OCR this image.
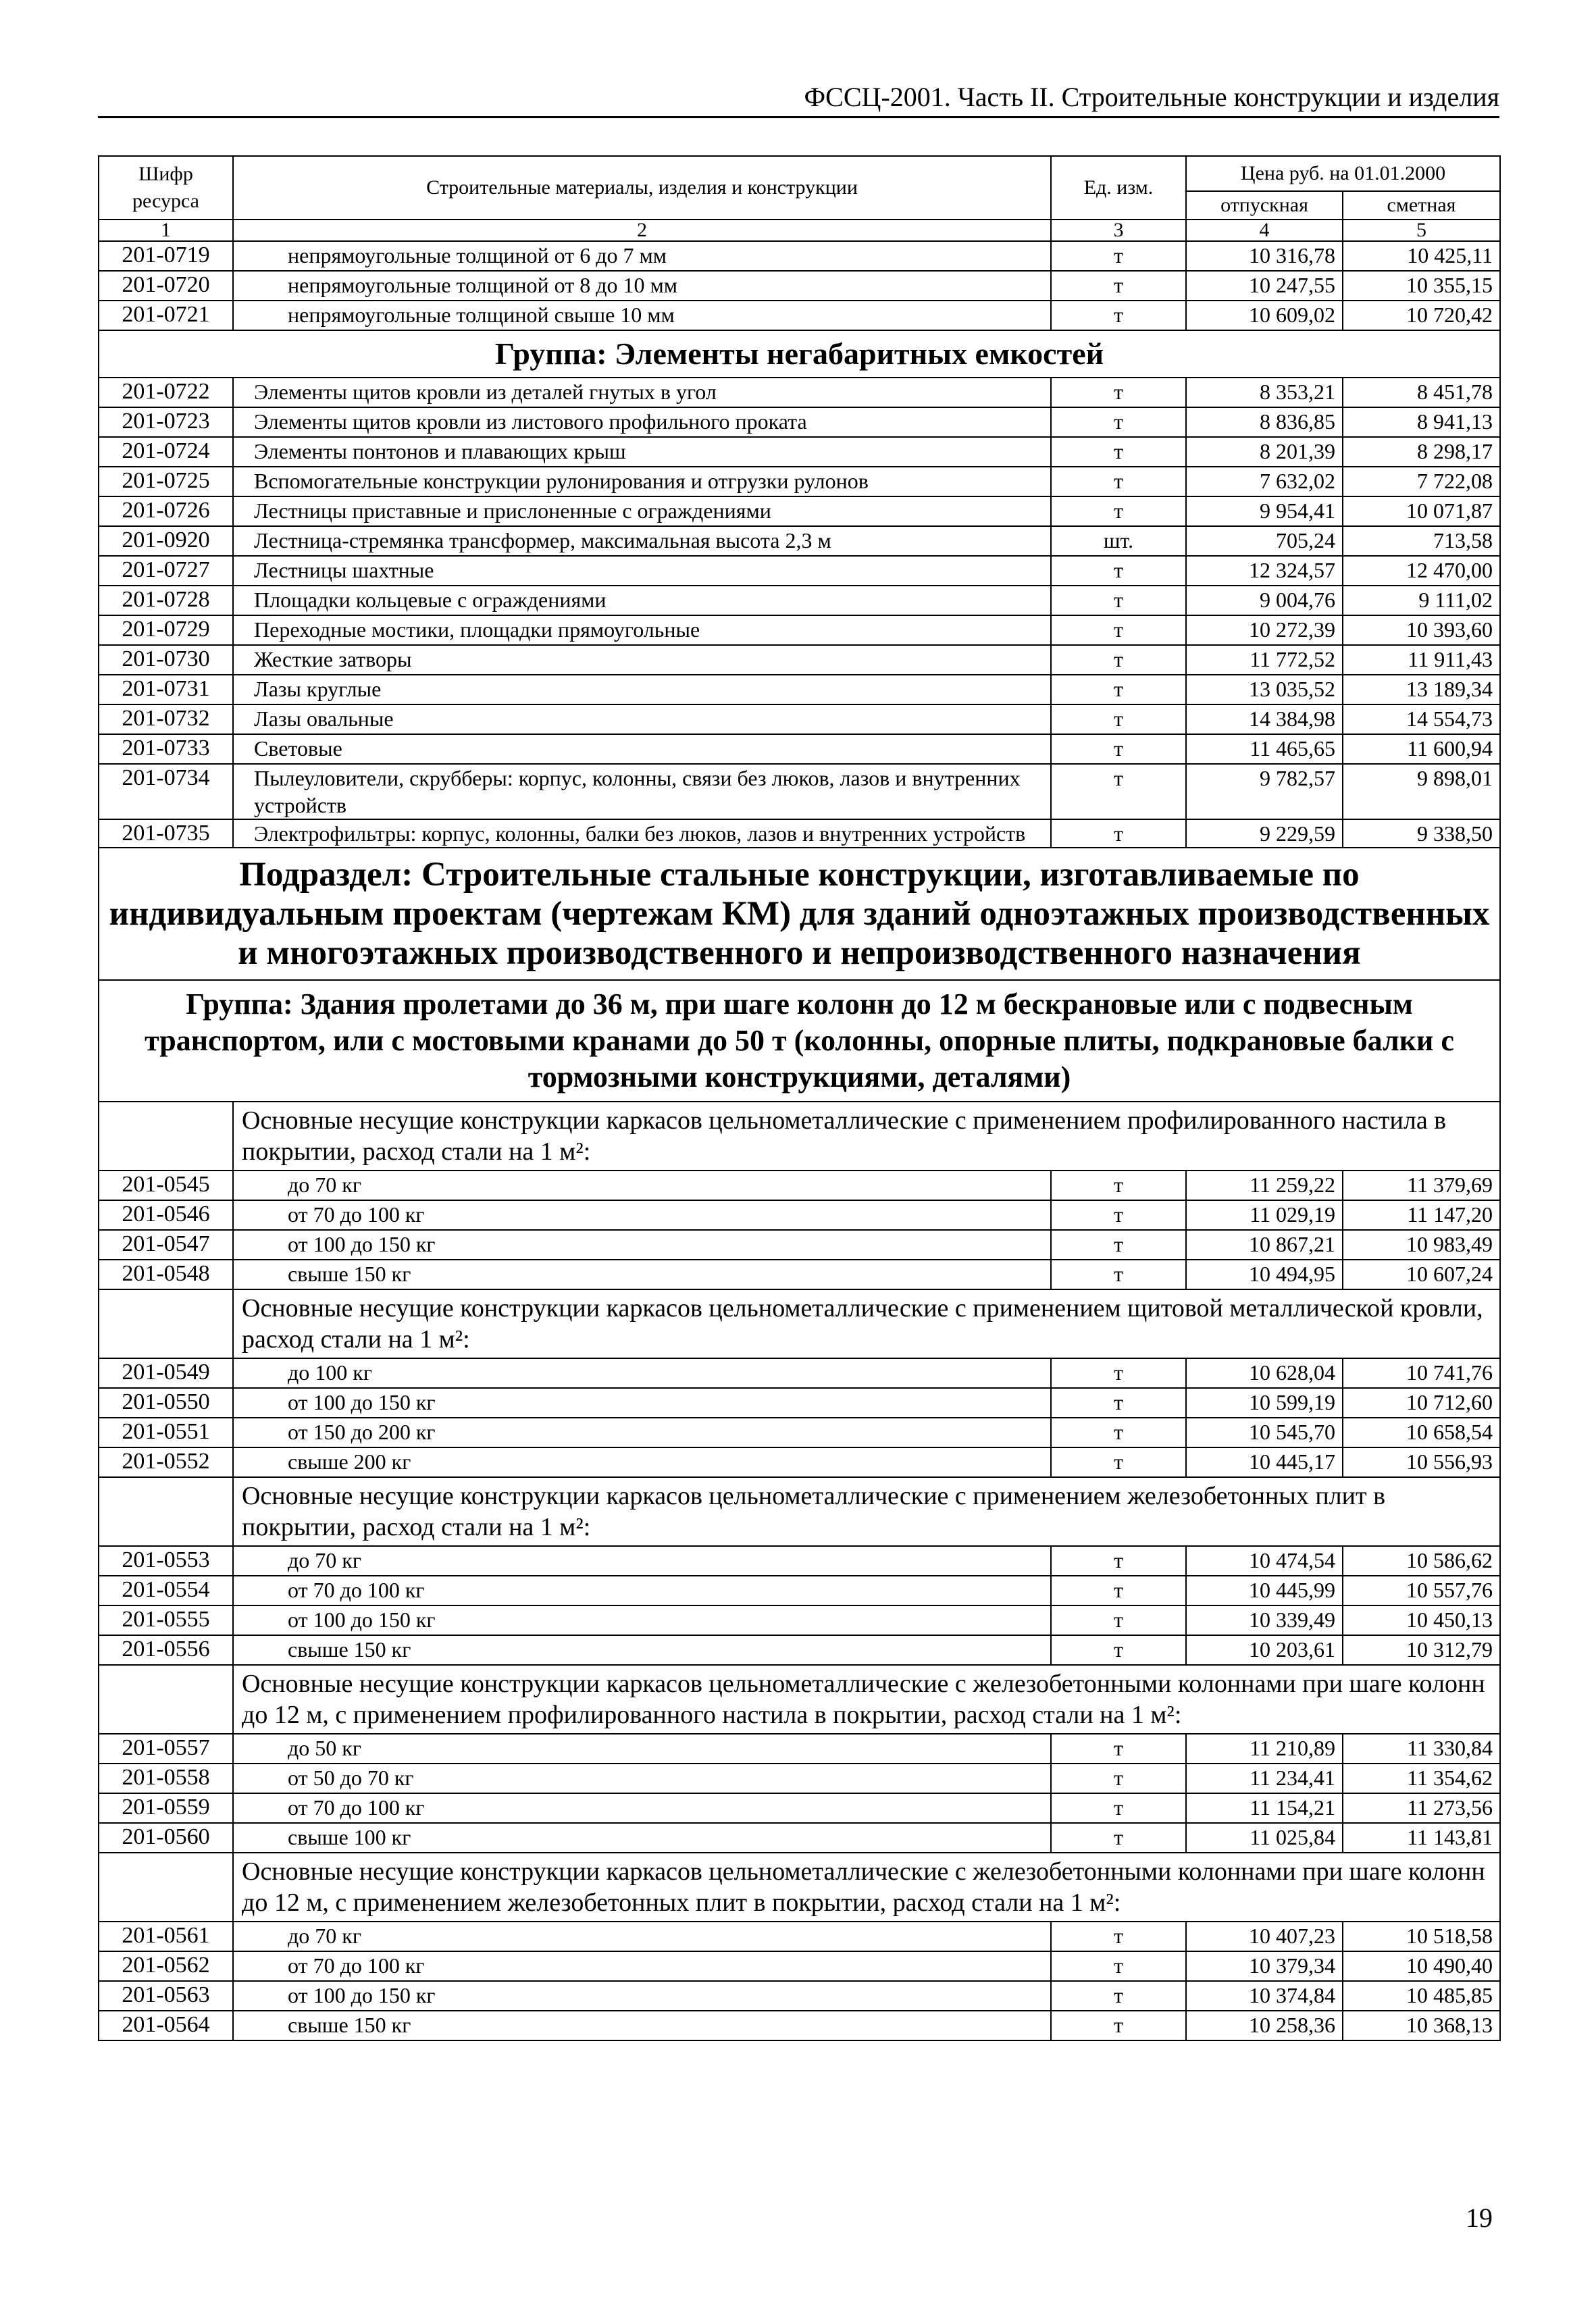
ФССЦ-2001. Часть II. Строительные конструкции и изделия
Шифр ресурса	Строительные материалы, изделия и конструкции	Ед. изм.	Цена руб. на 01.01.2000	
			отпускная	сметная
1	2	3	4	5
201-0719	непрямоугольные толщиной от 6 до 7 мм	т	10 316,78	10 425,11
201-0720	непрямоугольные толщиной от 8 до 10 мм	т	10 247,55	10 355,15
201-0721	непрямоугольные толщиной свыше 10 мм	т	10 609,02	10 720,42
Группа: Элементы негабаритных емкостей				
201-0722	Элементы щитов кровли из деталей гнутых в угол	т	8 353,21	8 451,78
201-0723	Элементы щитов кровли из листового профильного проката	т	8 836,85	8 941,13
201-0724	Элементы понтонов и плавающих крыш	т	8 201,39	8 298,17
201-0725	Вспомогательные конструкции рулонирования и отгрузки рулонов	т	7 632,02	7 722,08
201-0726	Лестницы приставные и прислоненные с ограждениями	т	9 954,41	10 071,87
201-0920	Лестница-стремянка трансформер, максимальная высота 2,3 м	шт.	705,24	713,58
201-0727	Лестницы шахтные	т	12 324,57	12 470,00
201-0728	Площадки кольцевые с ограждениями	т	9 004,76	9 111,02
201-0729	Переходные мостики, площадки прямоугольные	т	10 272,39	10 393,60
201-0730	Жесткие затворы	т	11 772,52	11 911,43
201-0731	Лазы круглые	т	13 035,52	13 189,34
201-0732	Лазы овальные	т	14 384,98	14 554,73
201-0733	Световые	т	11 465,65	11 600,94
201-0734	Пылеуловители, скрубберы: корпус, колонны, связи без люков, лазов и внутренних устройств	т	9 782,57	9 898,01
201-0735	Электрофильтры: корпус, колонны, балки без люков, лазов и внутренних устройств	т	9 229,59	9 338,50
Подраздел: Строительные стальные конструкции, изготавливаемые по индивидуальным проектам (чертежам КМ) для зданий одноэтажных производственных и многоэтажных производственного и непроизводственного назначения				
Группа: Здания пролетами до 36 м, при шаге колонн до 12 м бескрановые или с подвесным транспортом, или с мостовыми кранами до 50 т (колонны, опорные плиты, подкрановые балки с тормозными конструкциями, деталями)				
	Основные несущие конструкции каркасов цельнометаллические с применением профилированного настила в покрытии, расход стали на 1 м²:			
201-0545	до 70 кг	т	11 259,22	11 379,69
201-0546	от 70 до 100 кг	т	11 029,19	11 147,20
201-0547	от 100 до 150 кг	т	10 867,21	10 983,49
201-0548	свыше 150 кг	т	10 494,95	10 607,24
	Основные несущие конструкции каркасов цельнометаллические с применением щитовой металлической кровли, расход стали на 1 м²:			
201-0549	до 100 кг	т	10 628,04	10 741,76
201-0550	от 100 до 150 кг	т	10 599,19	10 712,60
201-0551	от 150 до 200 кг	т	10 545,70	10 658,54
201-0552	свыше 200 кг	т	10 445,17	10 556,93
	Основные несущие конструкции каркасов цельнометаллические с применением железобетонных плит в покрытии, расход стали на 1 м²:			
201-0553	до 70 кг	т	10 474,54	10 586,62
201-0554	от 70 до 100 кг	т	10 445,99	10 557,76
201-0555	от 100 до 150 кг	т	10 339,49	10 450,13
201-0556	свыше 150 кг	т	10 203,61	10 312,79
	Основные несущие конструкции каркасов цельнометаллические с железобетонными колоннами при шаге колонн до 12 м, с применением профилированного настила в покрытии, расход стали на 1 м²:			
201-0557	до 50 кг	т	11 210,89	11 330,84
201-0558	от 50 до 70 кг	т	11 234,41	11 354,62
201-0559	от 70 до 100 кг	т	11 154,21	11 273,56
201-0560	свыше 100 кг	т	11 025,84	11 143,81
	Основные несущие конструкции каркасов цельнометаллические с железобетонными колоннами при шаге колонн до 12 м, с применением железобетонных плит в покрытии, расход стали на 1 м²:			
201-0561	до 70 кг	т	10 407,23	10 518,58
201-0562	от 70 до 100 кг	т	10 379,34	10 490,40
201-0563	от 100 до 150 кг	т	10 374,84	10 485,85
201-0564	свыше 150 кг	т	10 258,36	10 368,13
19
